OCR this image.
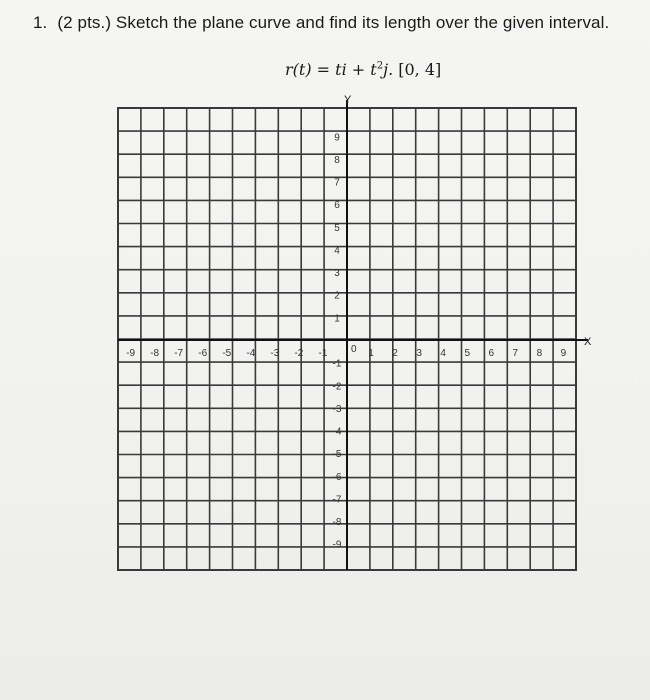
1. (2 pts.) Sketch the plane curve and find its length over the given interval.
r(t) = ti + $t^2j$. [0, 4]
X
Y
0
-9 -8 -7 -6 -5 -4 -3 -2 -1	1 2 3 4 5 6 7 8 9
1
2
3
4
5
6
7
8
9
-1
-2
-3
-4
-5
-6
-7
-8
-9
